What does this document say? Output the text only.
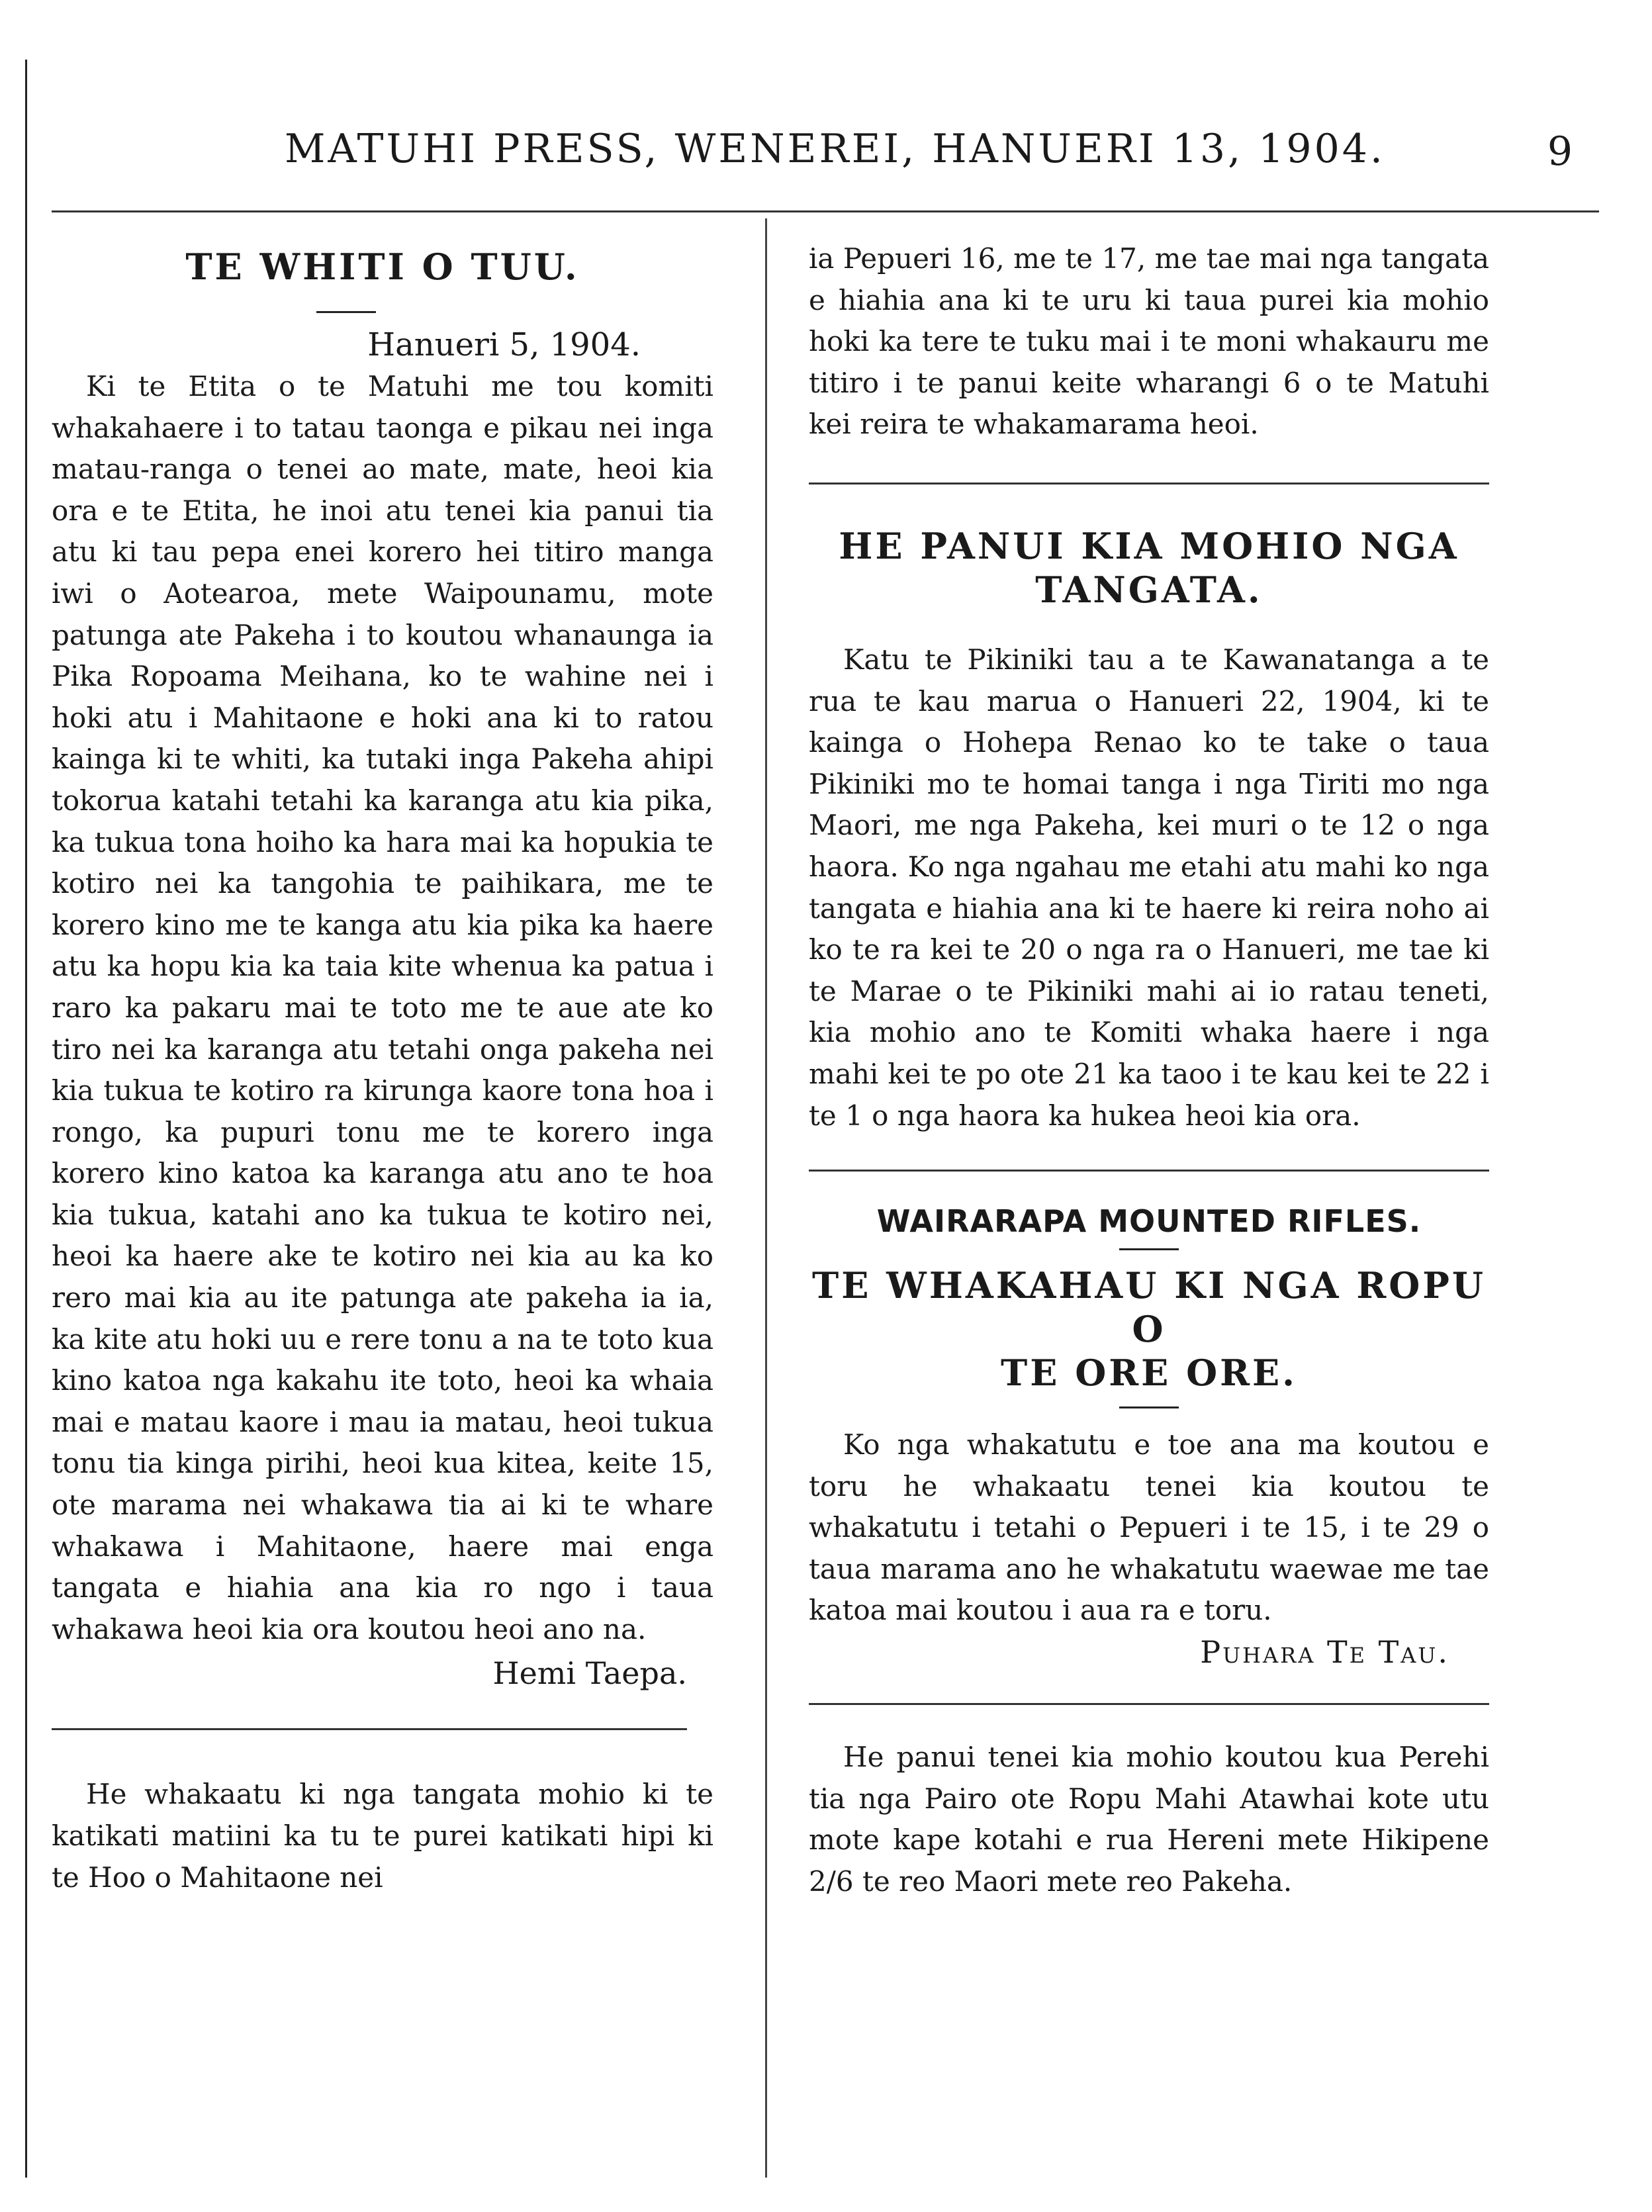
MATUHI PRESS, WENEREI, HANUERI 13, 1904.	9
TE WHITI O TUU.
Hanueri 5, 1904.

Ki te Etita o te Matuhi me tou komiti whakahaere i to tatau taonga e pikau nei inga matau-ranga o tenei ao mate, mate, heoi kia ora e te Etita, he inoi atu tenei kia panui tia atu ki tau pepa enei korero hei titiro manga iwi o Aotearoa, mete Waipounamu, mote patunga ate Pakeha i to koutou whanaunga ia Pika Ropoama Meihana, ko te wahine nei i hoki atu i Mahitaone e hoki ana ki to ratou kainga ki te whiti, ka tutaki inga Pakeha ahipi tokorua katahi tetahi ka karanga atu kia pika, ka tukua tona hoiho ka hara mai ka hopukia te kotiro nei ka tangohia te paihikara, me te korero kino me te kanga atu kia pika ka haere atu ka hopu kia ka taia kite whenua ka patua i raro ka pakaru mai te toto me te aue ate ko tiro nei ka karanga atu tetahi onga pakeha nei kia tukua te kotiro ra kirunga kaore tona hoa i rongo, ka pupuri tonu me te korero inga korero kino katoa ka karanga atu ano te hoa kia tukua, katahi ano ka tukua te kotiro nei, heoi ka haere ake te kotiro nei kia au ka ko rero mai kia au ite patunga ate pakeha ia ia, ka kite atu hoki uu e rere tonu a na te toto kua kino katoa nga kakahu ite toto, heoi ka whaia mai e matau kaore i mau ia matau, heoi tukua tonu tia kinga pirihi, heoi kua kitea, keite 15, ote marama nei whakawa tia ai ki te whare whakawa i Mahitaone, haere mai enga tangata e hiahia ana kia ro ngo i taua whakawa heoi kia ora koutou heoi ano na.

Hemi Taepa.

He whakaatu ki nga tangata mohio ki te katikati matiini ka tu te purei katikati hipi ki te Hoo o Mahitaone nei

ia Pepueri 16, me te 17, me tae mai nga tangata e hiahia ana ki te uru ki taua purei kia mohio hoki ka tere te tuku mai i te moni whakauru me titiro i te panui keite wharangi 6 o te Matuhi kei reira te whakamarama heoi.

HE PANUI KIA MOHIO NGA
TANGATA.

Katu te Pikiniki tau a te Kawanatanga a te rua te kau marua o Hanueri 22, 1904, ki te kainga o Hohepa Renao ko te take o taua Pikiniki mo te homai tanga i nga Tiriti mo nga Maori, me nga Pakeha, kei muri o te 12 o nga haora. Ko nga ngahau me etahi atu mahi ko nga tangata e hiahia ana ki te haere ki reira noho ai ko te ra kei te 20 o nga ra o Hanueri, me tae ki te Marae o te Pikiniki mahi ai io ratau teneti, kia mohio ano te Komiti whaka haere i nga mahi kei te po ote 21 ka taoo i te kau kei te 22 i te 1 o nga haora ka hukea heoi kia ora.

WAIRARAPA MOUNTED RIFLES.
TE WHAKAHAU KI NGA ROPU O
TE ORE ORE.

Ko nga whakatutu e toe ana ma koutou e toru he whakaatu tenei kia koutou te whakatutu i tetahi o Pepueri i te 15, i te 29 o taua marama ano he whakatutu waewae me tae katoa mai koutou i aua ra e toru.

Puhara Te Tau.

He panui tenei kia mohio koutou kua Perehi tia nga Pairo ote Ropu Mahi Atawhai kote utu mote kape kotahi e rua Hereni mete Hikipene 2/6 te reo Maori mete reo Pakeha.
